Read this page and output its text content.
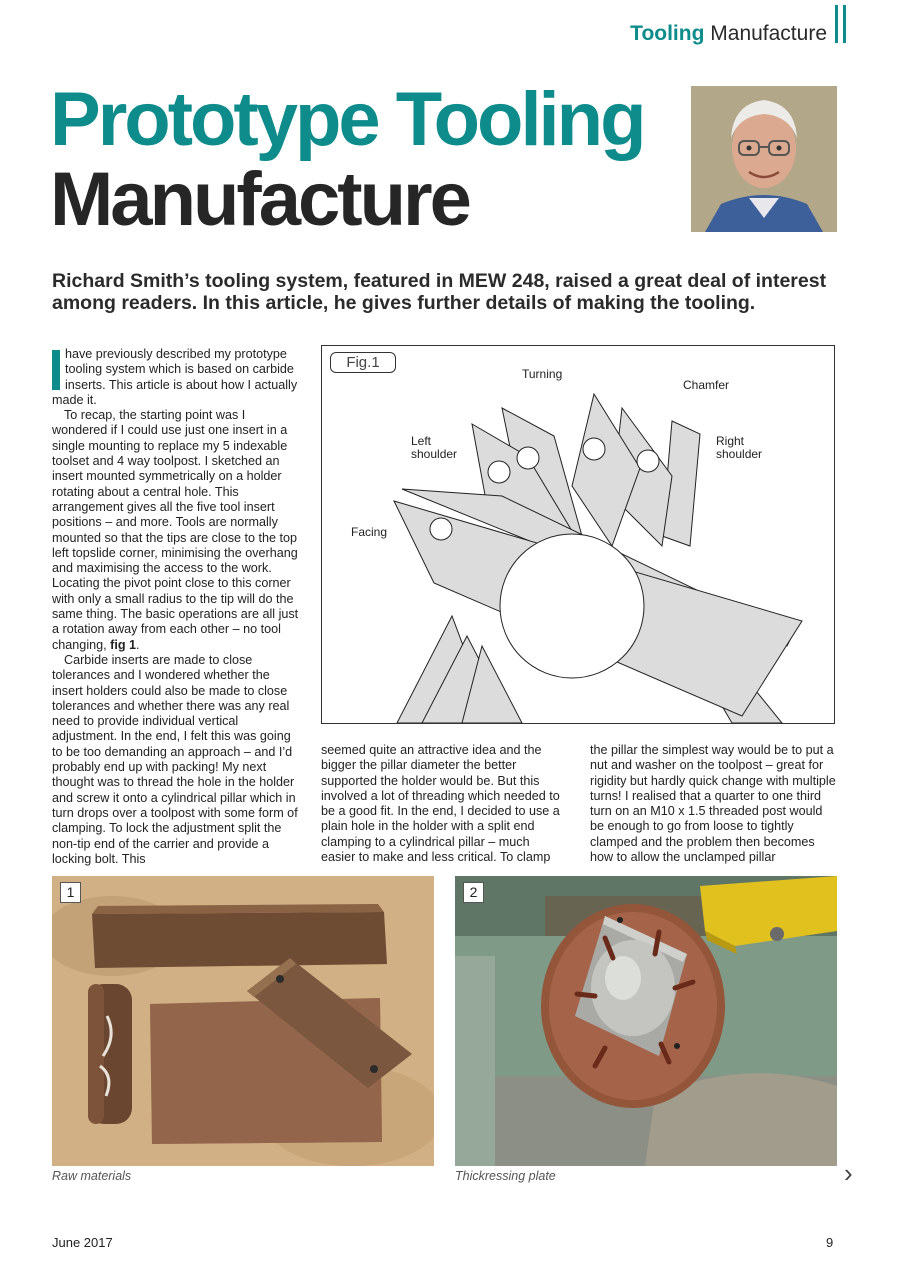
Tooling Manufacture
Prototype Tooling
Manufacture

Richard Smith’s tooling system, featured in MEW 248, raised a great deal of interest among readers. In this article, he gives further details of making the tooling.

have previously described my prototype tooling system which is based on carbide inserts. This article is about how I actually made it.

To recap, the starting point was I wondered if I could use just one insert in a single mounting to replace my 5 indexable toolset and 4 way toolpost. I sketched an insert mounted symmetrically on a holder rotating about a central hole. This arrangement gives all the five tool insert positions – and more. Tools are normally mounted so that the tips are close to the top left topslide corner, minimising the overhang and maximising the access to the work. Locating the pivot point close to this corner with only a small radius to the tip will do the same thing. The basic operations are all just a rotation away from each other – no tool changing, fig 1.

Carbide inserts are made to close tolerances and I wondered whether the insert holders could also be made to close tolerances and whether there was any real need to provide individual vertical adjustment. In the end, I felt this was going to be too demanding an approach – and I’d probably end up with packing! My next thought was to thread the hole in the holder and screw it onto a cylindrical pillar which in turn drops over a toolpost with some form of clamping. To lock the adjustment split the non-tip end of the carrier and provide a locking bolt. This

Fig.1
Turning
Chamfer
Left
shoulder
Right
shoulder
Facing

seemed quite an attractive idea and the bigger the pillar diameter the better supported the holder would be. But this involved a lot of threading which needed to be a good fit. In the end, I decided to use a plain hole in the holder with a split end clamping to a cylindrical pillar – much easier to make and less critical. To clamp

the pillar the simplest way would be to put a nut and washer on the toolpost – great for rigidity but hardly quick change with multiple turns! I realised that a quarter to one third turn on an M10 x 1.5 threaded post would be enough to go from loose to tightly clamped and the problem then becomes how to allow the unclamped pillar

1	2
Raw materials	Thickressing plate	›
June 2017	9
